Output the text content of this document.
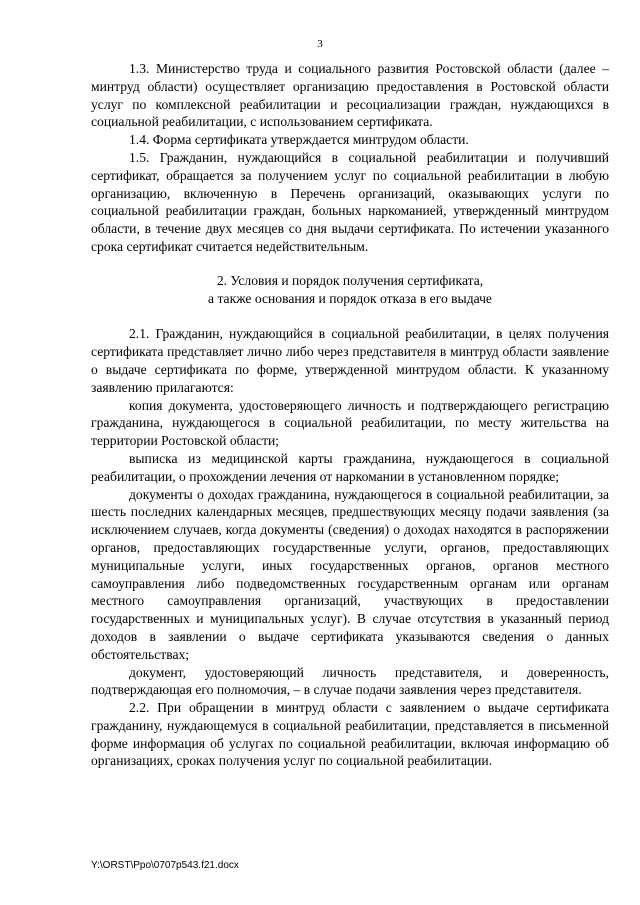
3

1.3. Министерство труда и социального развития Ростовской области (далее – минтруд области) осуществляет организацию предоставления в Ростовской области услуг по комплексной реабилитации и ресоциализации граждан, нуждающихся в социальной реабилитации, с использованием сертификата.

1.4. Форма сертификата утверждается минтрудом области.

1.5. Гражданин, нуждающийся в социальной реабилитации и получивший сертификат, обращается за получением услуг по социальной реабилитации в любую организацию, включенную в Перечень организаций, оказывающих услуги по социальной реабилитации граждан, больных наркоманией, утвержденный минтрудом области, в течение двух месяцев со дня выдачи сертификата. По истечении указанного срока сертификат считается недействительным.

2. Условия и порядок получения сертификата,
а также основания и порядок отказа в его выдаче

2.1. Гражданин, нуждающийся в социальной реабилитации, в целях получения сертификата представляет лично либо через представителя в минтруд области заявление о выдаче сертификата по форме, утвержденной минтрудом области. К указанному заявлению прилагаются:

копия документа, удостоверяющего личность и подтверждающего регистрацию гражданина, нуждающегося в социальной реабилитации, по месту жительства на территории Ростовской области;

выписка из медицинской карты гражданина, нуждающегося в социальной реабилитации, о прохождении лечения от наркомании в установленном порядке;

документы о доходах гражданина, нуждающегося в социальной реабилитации, за шесть последних календарных месяцев, предшествующих месяцу подачи заявления (за исключением случаев, когда документы (сведения) о доходах находятся в распоряжении органов, предоставляющих государственные услуги, органов, предоставляющих муниципальные услуги, иных государственных органов, органов местного самоуправления либо подведомственных государственным органам или органам местного самоуправления организаций, участвующих в предоставлении государственных и муниципальных услуг). В случае отсутствия в указанный период доходов в заявлении о выдаче сертификата указываются сведения о данных обстоятельствах;

документ, удостоверяющий личность представителя, и доверенность, подтверждающая его полномочия, – в случае подачи заявления через представителя.

2.2. При обращении в минтруд области с заявлением о выдаче сертификата гражданину, нуждающемуся в социальной реабилитации, представляется в письменной форме информация об услугах по социальной реабилитации, включая информацию об организациях, сроках получения услуг по социальной реабилитации.

Y:\ORST\Ppo\0707p543.f21.docx
